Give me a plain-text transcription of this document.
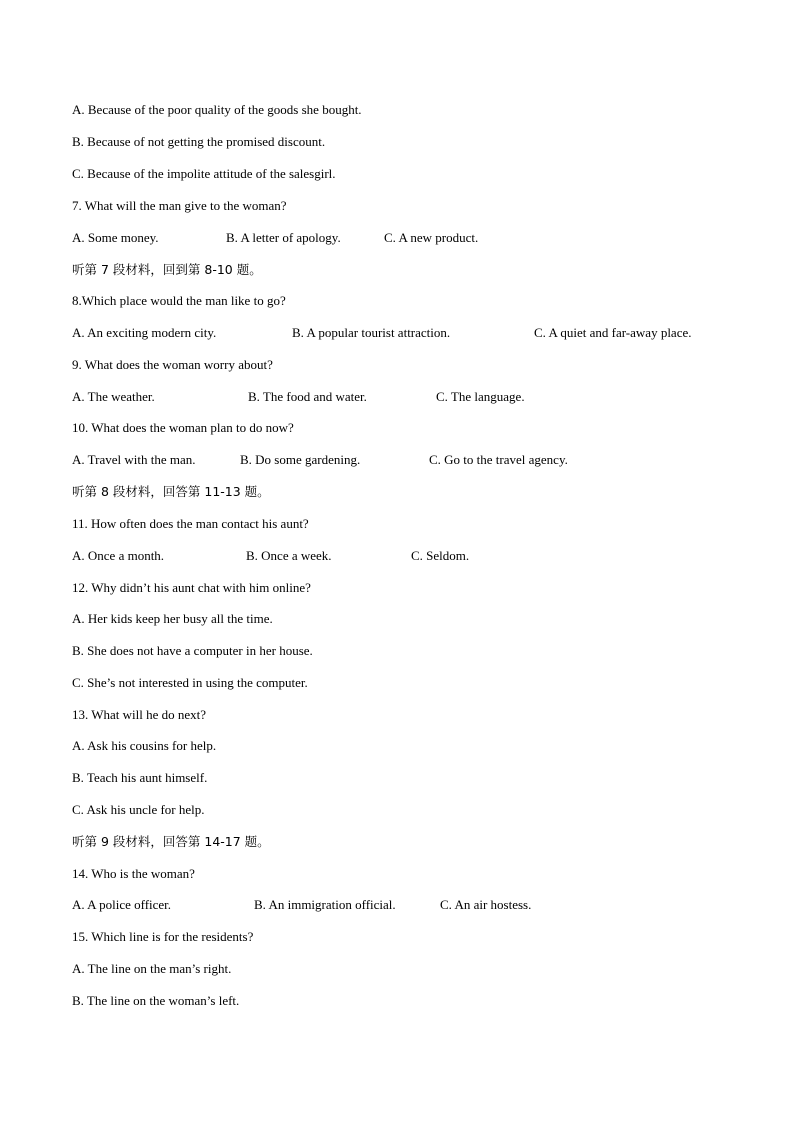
A. Because of the poor quality of the goods she bought.
B. Because of not getting the promised discount.
C. Because of the impolite attitude of the salesgirl.
7. What will the man give to the woman?
A. Some money.	B. A letter of apology.	C. A new product.
听第 7 段材料，回到第 8-10 题。
8.Which place would the man like to go?
A. An exciting modern city.	B. A popular tourist attraction.	C. A quiet and far-away place.
9. What does the woman worry about?
A. The weather.	B. The food and water.	C. The language.
10. What does the woman plan to do now?
A. Travel with the man.	B. Do some gardening.	C. Go to the travel agency.
听第 8 段材料，回答第 11-13 题。
11. How often does the man contact his aunt?
A. Once a month.	B. Once a week.	C. Seldom.
12. Why didn’t his aunt chat with him online?
A. Her kids keep her busy all the time.
B. She does not have a computer in her house.
C. She’s not interested in using the computer.
13. What will he do next?
A. Ask his cousins for help.
B. Teach his aunt himself.
C. Ask his uncle for help.
听第 9 段材料，回答第 14-17 题。
14. Who is the woman?
A. A police officer.	B. An immigration official.	C. An air hostess.
15. Which line is for the residents?
A. The line on the man’s right.
B. The line on the woman’s left.
